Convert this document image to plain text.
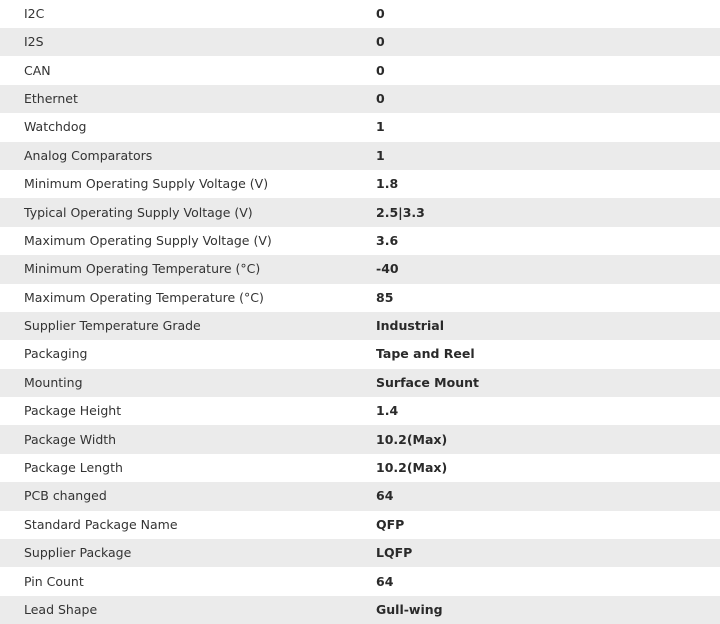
I2C	0
I2S	0
CAN	0
Ethernet	0
Watchdog	1
Analog Comparators	1
Minimum Operating Supply Voltage (V)	1.8
Typical Operating Supply Voltage (V)	2.5|3.3
Maximum Operating Supply Voltage (V)	3.6
Minimum Operating Temperature (°C)	-40
Maximum Operating Temperature (°C)	85
Supplier Temperature Grade	Industrial
Packaging	Tape and Reel
Mounting	Surface Mount
Package Height	1.4
Package Width	10.2(Max)
Package Length	10.2(Max)
PCB changed	64
Standard Package Name	QFP
Supplier Package	LQFP
Pin Count	64
Lead Shape	Gull-wing
